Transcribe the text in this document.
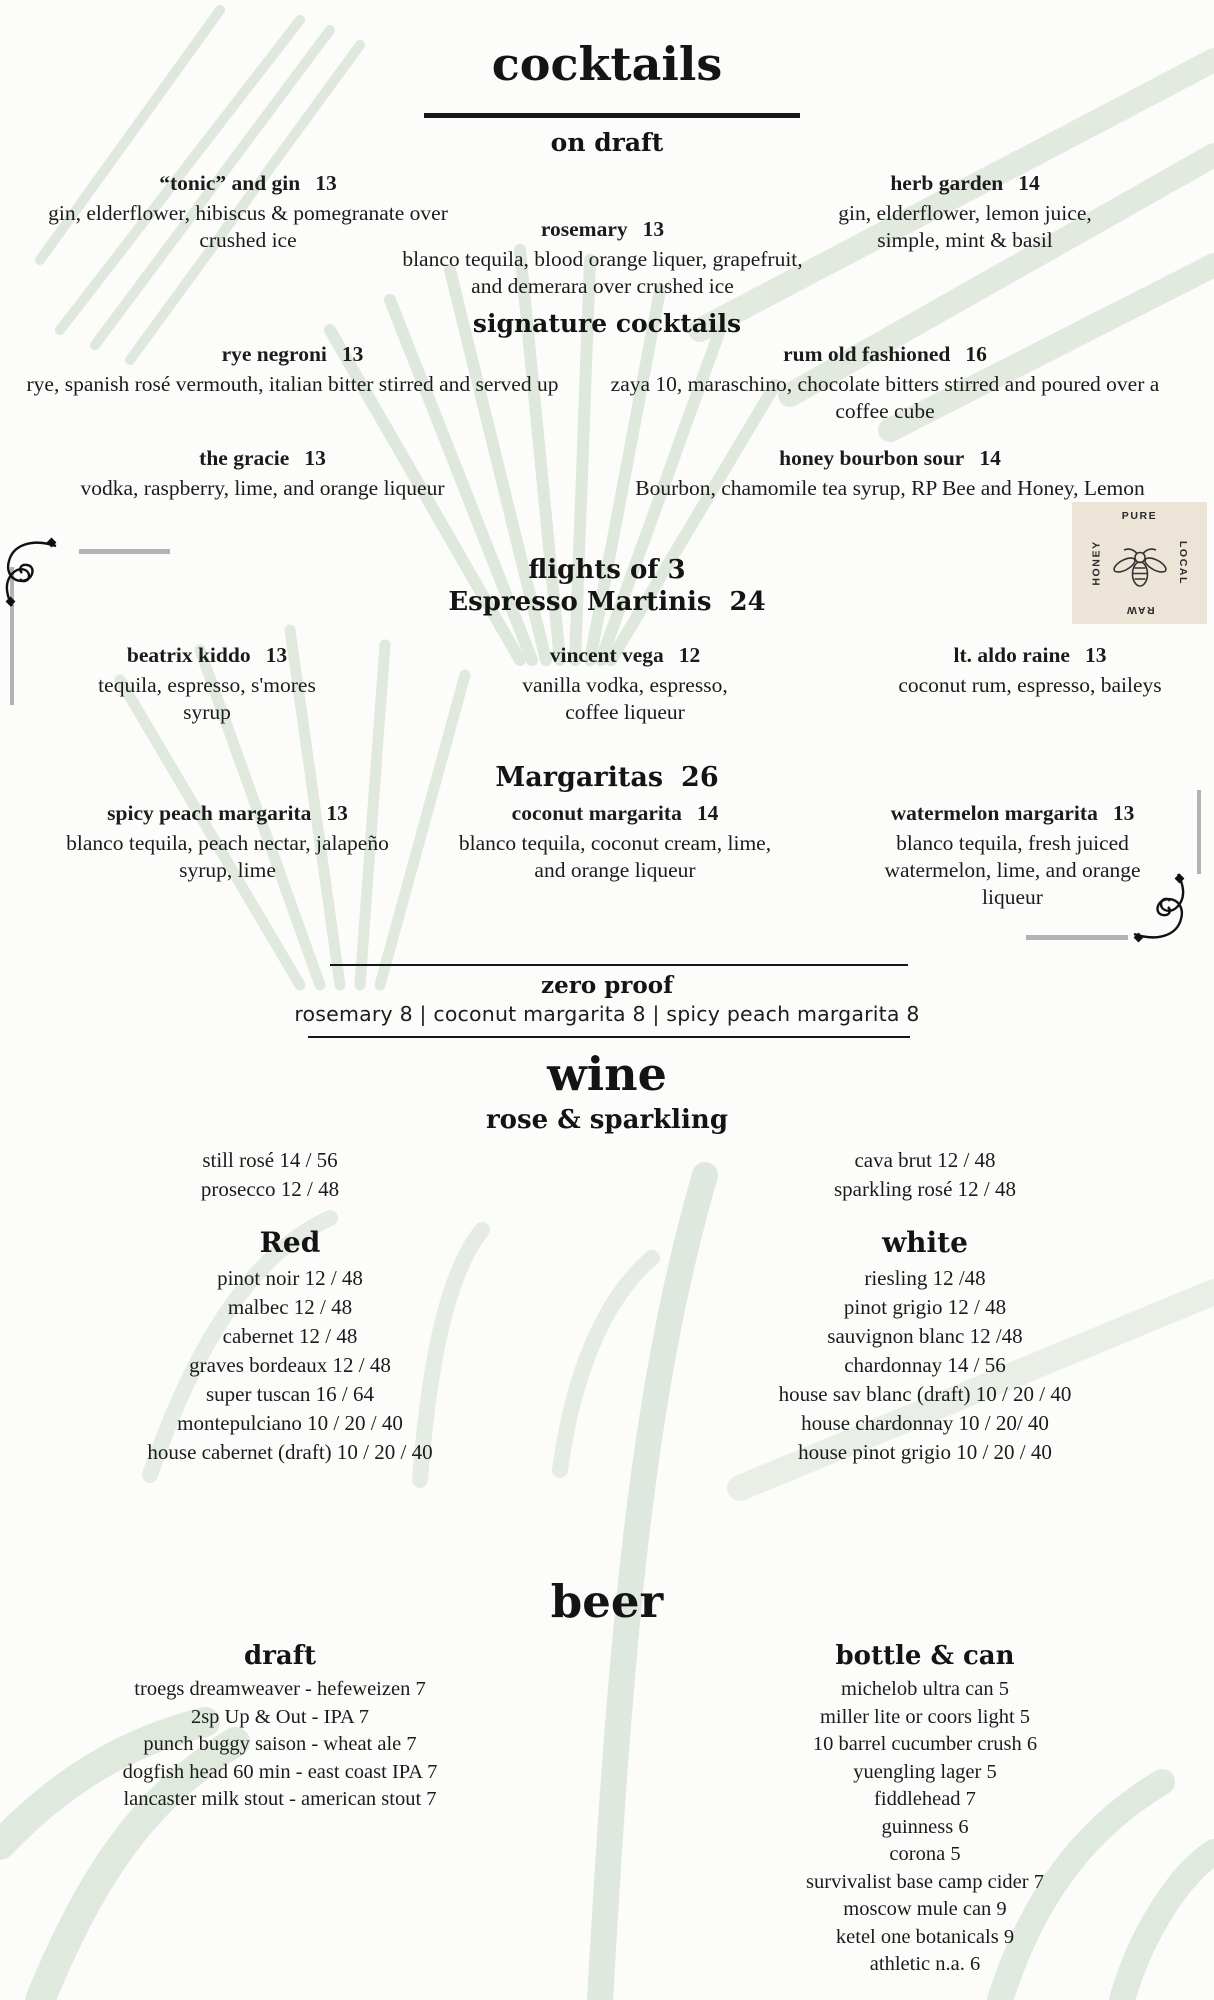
cocktails
on draft
“tonic” and gin 13
gin, elderflower, hibiscus & pomegranate over crushed ice	rosemary 13
blanco tequila, blood orange liquer, grapefruit, and demerara over crushed ice
herb garden 14
gin, elderflower, lemon juice, simple, mint & basil
signature cocktails
rye negroni 13
rye, spanish rosé vermouth, italian bitter stirred and served up
rum old fashioned 16
zaya 10, maraschino, chocolate bitters stirred and poured over a coffee cube
the gracie 13
vodka, raspberry, lime, and orange liqueur
honey bourbon sour 14
Bourbon, chamomile tea syrup, RP Bee and Honey, Lemon
PURE
LOCAL
RAW
HONEY
flights of 3
Espresso Martinis 24
beatrix kiddo 13
tequila, espresso, s'mores syrup
vincent vega 12
vanilla vodka, espresso, coffee liqueur
lt. aldo raine 13
coconut rum, espresso, baileys
Margaritas 26
spicy peach margarita 13
blanco tequila, peach nectar, jalapeño syrup, lime
coconut margarita 14
blanco tequila, coconut cream, lime, and orange liqueur
watermelon margarita 13
blanco tequila, fresh juiced watermelon, lime, and orange liqueur
zero proof
rosemary 8 | coconut margarita 8 | spicy peach margarita 8
wine
rose & sparkling
still rosé 14 / 56
prosecco 12 / 48
cava brut 12 / 48
sparkling rosé 12 / 48
Red	white
pinot noir 12 / 48
malbec 12 / 48
cabernet 12 / 48
graves bordeaux 12 / 48
super tuscan 16 / 64
montepulciano 10 / 20 / 40
house cabernet (draft) 10 / 20 / 40
riesling 12 /48
pinot grigio 12 / 48
sauvignon blanc 12 /48
chardonnay 14 / 56
house sav blanc (draft) 10 / 20 / 40
house chardonnay 10 / 20/ 40
house pinot grigio 10 / 20 / 40
beer
draft	bottle & can
troegs dreamweaver - hefeweizen 7
2sp Up & Out - IPA 7
punch buggy saison - wheat ale 7
dogfish head 60 min - east coast IPA 7
lancaster milk stout - american stout 7
michelob ultra can 5
miller lite or coors light 5
10 barrel cucumber crush 6
yuengling lager 5
fiddlehead 7
guinness 6
corona 5
survivalist base camp cider 7
moscow mule can 9
ketel one botanicals 9
athletic n.a. 6
